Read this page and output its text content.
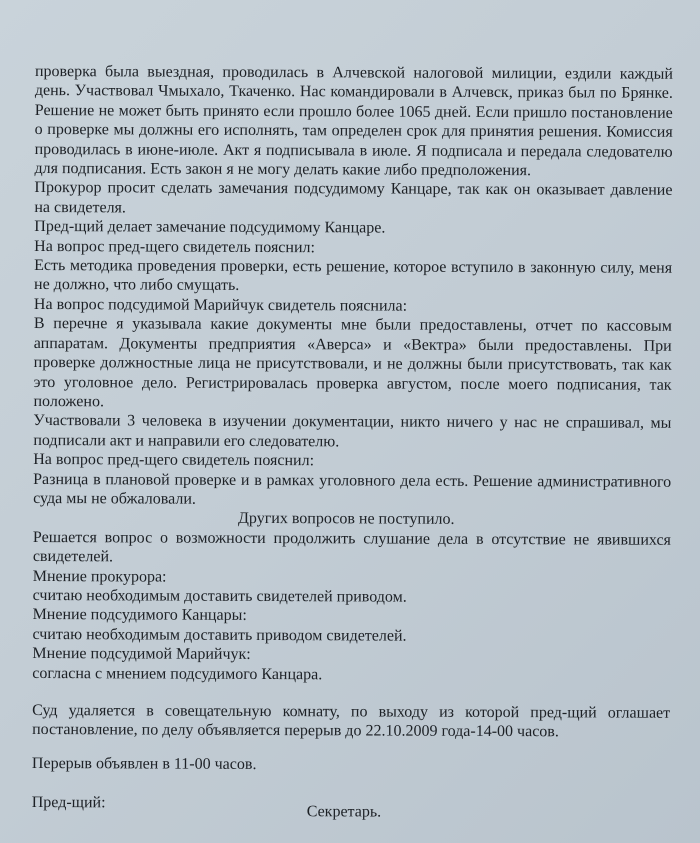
проверка была выездная, проводилась в Алчевской налоговой милиции, ездили каждый день. Участвовал Чмыхало, Ткаченко. Нас командировали в Алчевск, приказ был по Брянке. Решение не может быть принято если прошло более 1065 дней. Если пришло постановление о проверке мы должны его исполнять, там определен срок для принятия решения. Комиссия проводилась в июне-июле. Акт я подписывала в июле. Я подписала и передала следователю для подписания. Есть закон я не могу делать какие либо предположения.

Прокурор просит сделать замечания подсудимому Канцаре, так как он оказывает давление на свидетеля.

Пред-щий делает замечание подсудимому Канцаре.

На вопрос пред-щего свидетель пояснил:

Есть методика проведения проверки, есть решение, которое вступило в законную силу, меня не должно, что либо смущать.

На вопрос подсудимой Марийчук свидетель пояснила:

В перечне я указывала какие документы мне были предоставлены, отчет по кассовым аппаратам. Документы предприятия «Аверса» и «Вектра» были предоставлены. При проверке должностные лица не присутствовали, и не должны были присутствовать, так как это уголовное дело. Регистрировалась проверка августом, после моего подписания, так положено.

Участвовали 3 человека в изучении документации, никто ничего у нас не спрашивал, мы подписали акт и направили его следователю.

На вопрос пред-щего свидетель пояснил:

Разница в плановой проверке и в рамках уголовного дела есть. Решение административного суда мы не обжаловали.

Других вопросов не поступило.

Решается вопрос о возможности продолжить слушание дела в отсутствие не явившихся свидетелей.

Мнение прокурора:

считаю необходимым доставить свидетелей приводом.

Мнение подсудимого Канцары:

считаю необходимым доставить приводом свидетелей.

Мнение подсудимой Марийчук:

согласна с мнением подсудимого Канцара.

Суд удаляется в совещательную комнату, по выходу из которой пред-щий оглашает постановление, по делу объявляется перерыв до 22.10.2009 года-14-00 часов.

Перерыв объявлен в 11-00 часов.

Пред-щий:
Секретарь.
